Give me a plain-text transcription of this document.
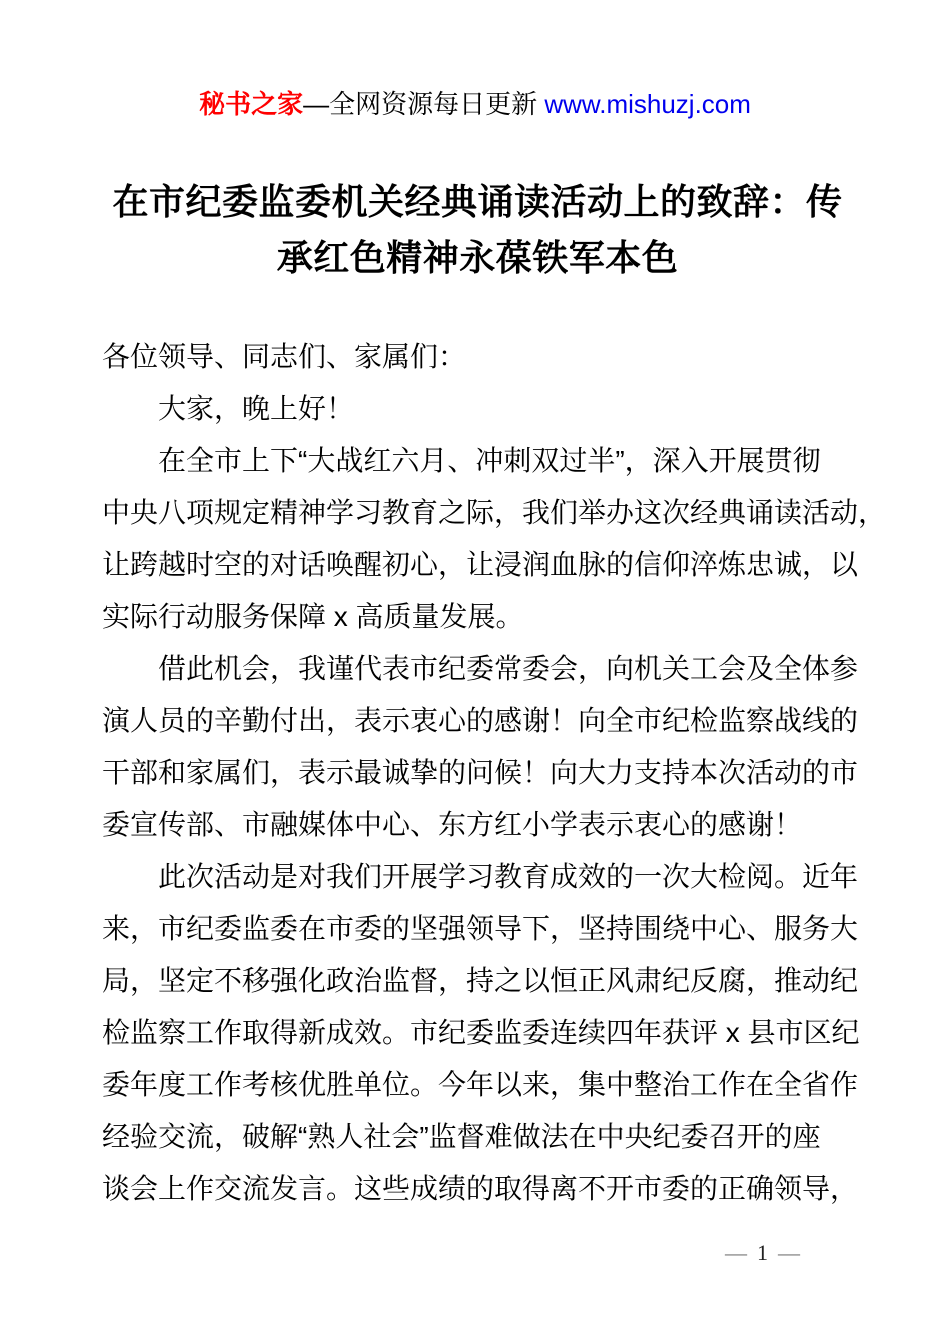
秘书之家—全网资源每日更新 www.mishuzj.com
在市纪委监委机关经典诵读活动上的致辞：传
承红色精神永葆铁军本色
各位领导、同志们、家属们：
大家，晚上好！
在全市上下“大战红六月、冲刺双过半”，深入开展贯彻
中央八项规定精神学习教育之际，我们举办这次经典诵读活动，
让跨越时空的对话唤醒初心，让浸润血脉的信仰淬炼忠诚，以
实际行动服务保障 x 高质量发展。
借此机会，我谨代表市纪委常委会，向机关工会及全体参
演人员的辛勤付出，表示衷心的感谢！向全市纪检监察战线的
干部和家属们，表示最诚挚的问候！向大力支持本次活动的市
委宣传部、市融媒体中心、东方红小学表示衷心的感谢！
此次活动是对我们开展学习教育成效的一次大检阅。近年
来，市纪委监委在市委的坚强领导下，坚持围绕中心、服务大
局，坚定不移强化政治监督，持之以恒正风肃纪反腐，推动纪
检监察工作取得新成效。市纪委监委连续四年获评 x 县市区纪
委年度工作考核优胜单位。今年以来，集中整治工作在全省作
经验交流，破解“熟人社会”监督难做法在中央纪委召开的座
谈会上作交流发言。这些成绩的取得离不开市委的正确领导，
— 1 —
